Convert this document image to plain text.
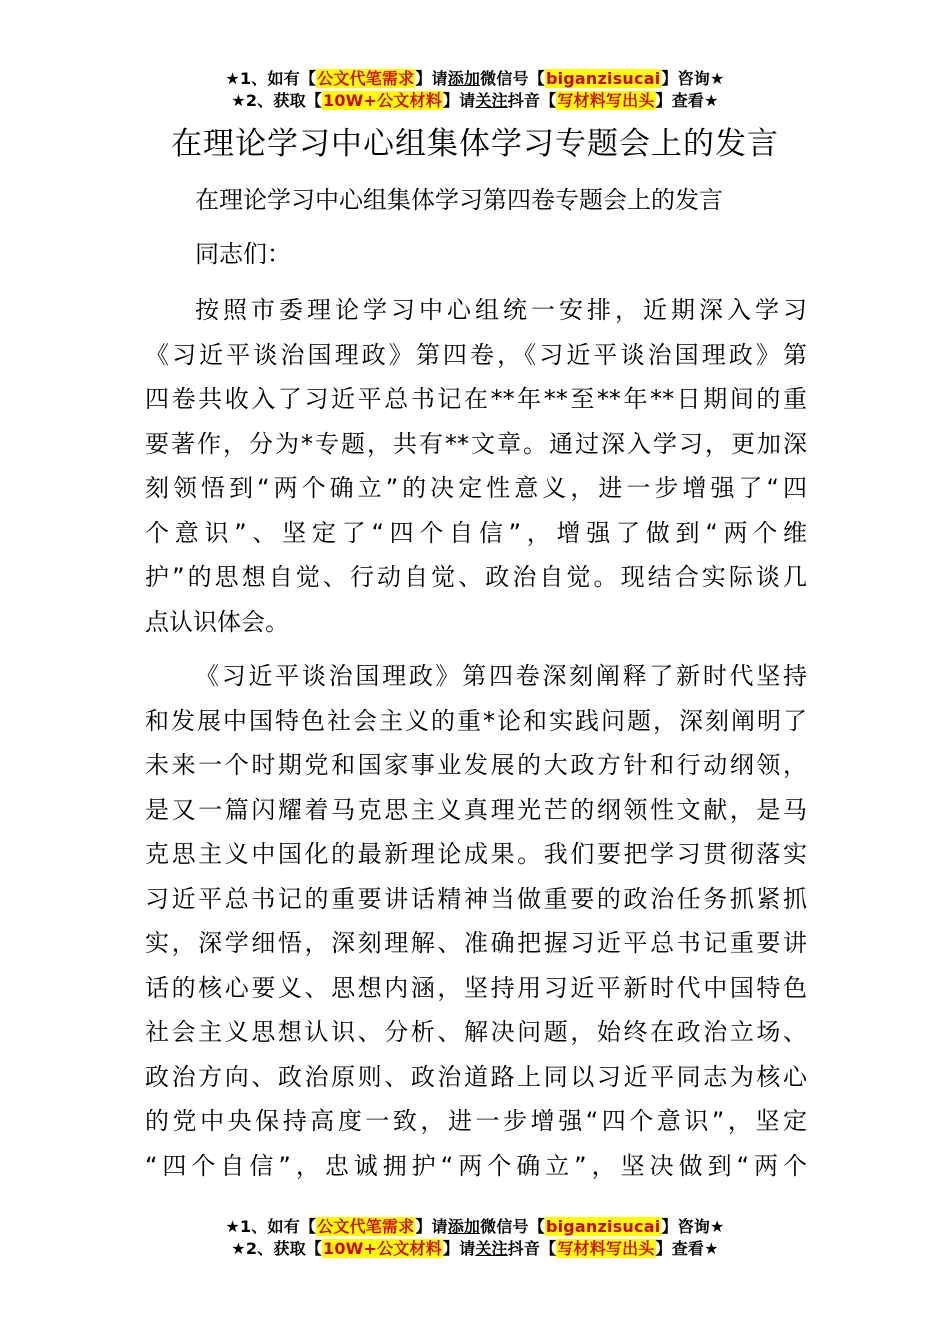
★1、如有【公文代笔需求】请添加微信号【biganzisucai】咨询★
★2、获取【10W+公文材料】请关注抖音【写材料写出头】查看★
在理论学习中心组集体学习专题会上的发言
在理论学习中心组集体学习第四卷专题会上的发言
同志们：
按照市委理论学习中心组统一安排，近期深入学习
《习近平谈治国理政》第四卷，《习近平谈治国理政》第
四卷共收入了习近平总书记在**年**至**年**日期间的重
要著作，分为*专题，共有**文章。通过深入学习，更加深
刻领悟到“两个确立”的决定性意义，进一步增强了“四
个意识”、坚定了“四个自信”，增强了做到“两个维
护”的思想自觉、行动自觉、政治自觉。现结合实际谈几
点认识体会。
《习近平谈治国理政》第四卷深刻阐释了新时代坚持
和发展中国特色社会主义的重*论和实践问题，深刻阐明了
未来一个时期党和国家事业发展的大政方针和行动纲领，
是又一篇闪耀着马克思主义真理光芒的纲领性文献，是马
克思主义中国化的最新理论成果。我们要把学习贯彻落实
习近平总书记的重要讲话精神当做重要的政治任务抓紧抓
实，深学细悟，深刻理解、准确把握习近平总书记重要讲
话的核心要义、思想内涵，坚持用习近平新时代中国特色
社会主义思想认识、分析、解决问题，始终在政治立场、
政治方向、政治原则、政治道路上同以习近平同志为核心
的党中央保持高度一致，进一步增强“四个意识”，坚定
“四个自信”，忠诚拥护“两个确立”，坚决做到“两个
★1、如有【公文代笔需求】请添加微信号【biganzisucai】咨询★
★2、获取【10W+公文材料】请关注抖音【写材料写出头】查看★
